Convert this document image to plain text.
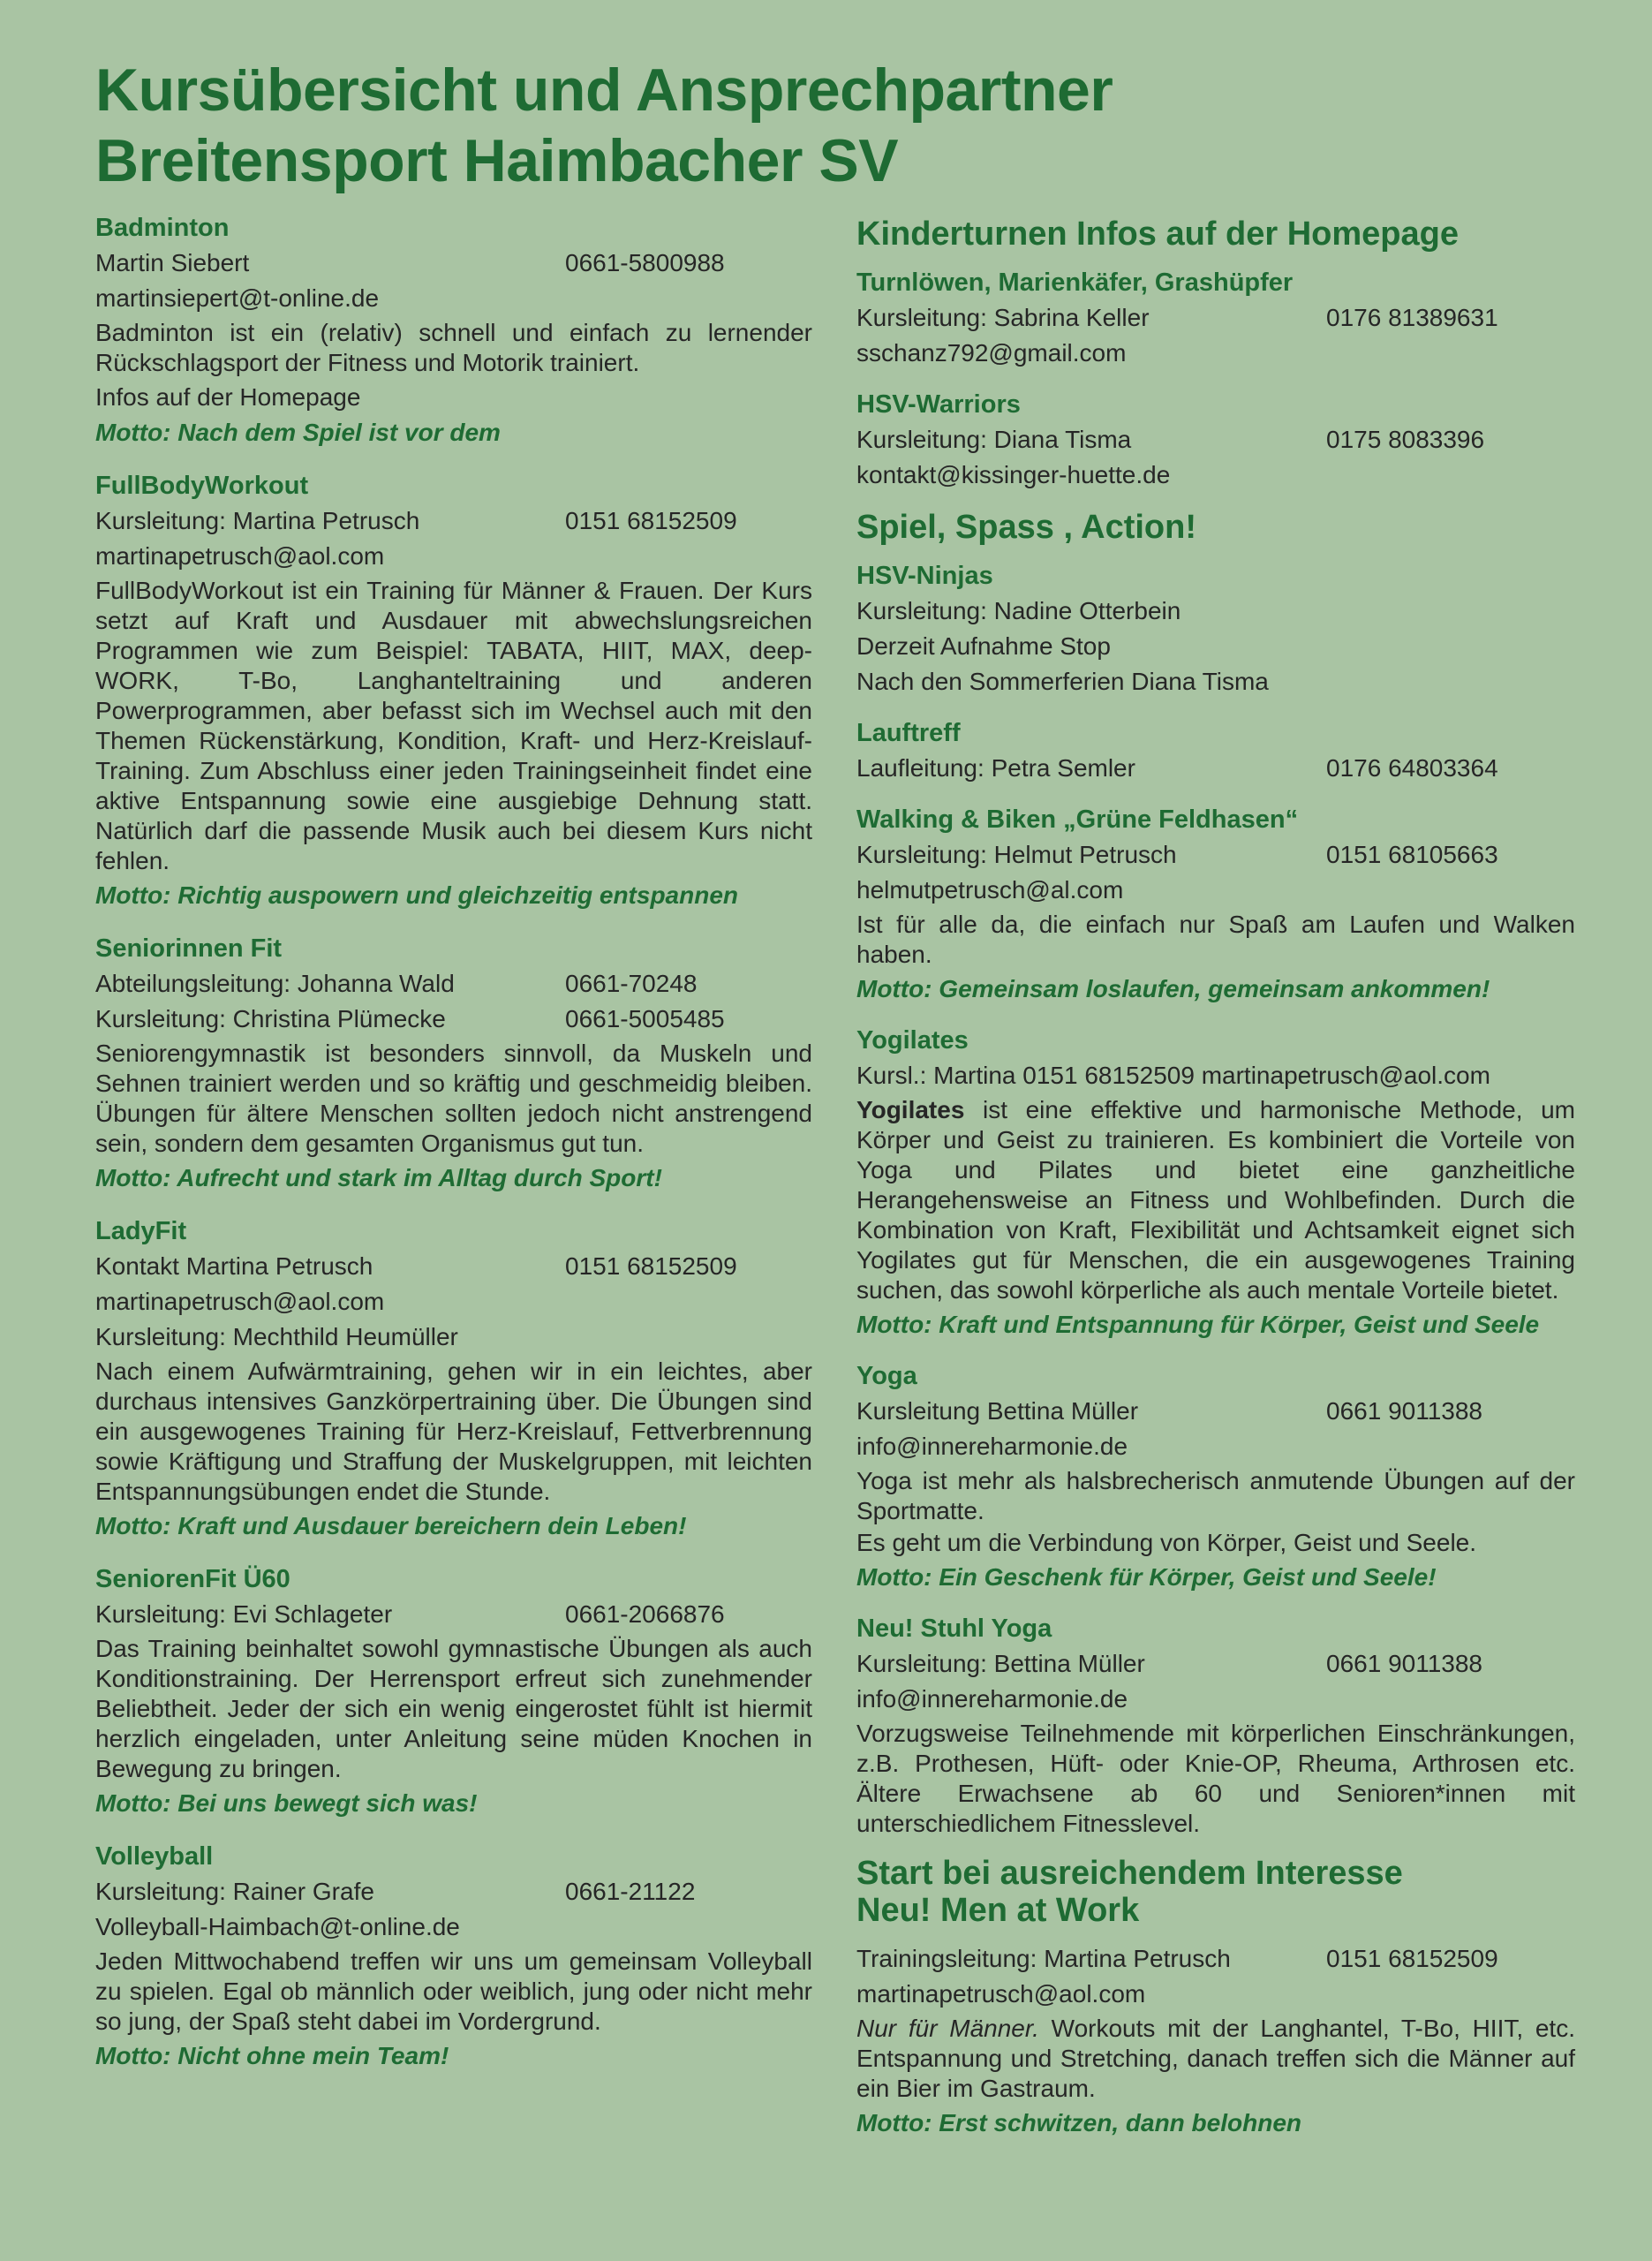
Kursübersicht und Ansprechpartner
Breitensport Haimbacher SV
Badminton
Martin Siebert	0661-5800988
martinsiepert@t-online.de
Badminton ist ein (relativ) schnell und einfach zu lernender Rückschlagsport der Fitness und Motorik trainiert.
Infos auf der Homepage
Motto: Nach dem Spiel ist vor dem
FullBodyWorkout
Kursleitung: Martina Petrusch	0151 68152509
martinapetrusch@aol.com
FullBodyWorkout ist ein Training für Männer & Frauen. Der Kurs setzt auf Kraft und Ausdauer mit abwechslungsreichen Programmen wie zum Beispiel: TABATA, HIIT, MAX, deep-WORK, T-Bo, Langhanteltraining und anderen Powerprogrammen, aber befasst sich im Wechsel auch mit den Themen Rückenstärkung, Kondition, Kraft- und Herz-Kreislauf-Training. Zum Abschluss einer jeden Trainingseinheit findet eine aktive Entspannung sowie eine ausgiebige Dehnung statt. Natürlich darf die passende Musik auch bei diesem Kurs nicht fehlen.
Motto: Richtig auspowern und gleichzeitig entspannen
Seniorinnen Fit
Abteilungsleitung: Johanna Wald	0661-70248
Kursleitung: Christina Plümecke	0661-5005485
Seniorengymnastik ist besonders sinnvoll, da Muskeln und Sehnen trainiert werden und so kräftig und geschmeidig bleiben. Übungen für ältere Menschen sollten jedoch nicht anstrengend sein, sondern dem gesamten Organismus gut tun.
Motto: Aufrecht und stark im Alltag durch Sport!
LadyFit
Kontakt Martina Petrusch	0151 68152509
martinapetrusch@aol.com
Kursleitung: Mechthild Heumüller
Nach einem Aufwärmtraining, gehen wir in ein leichtes, aber durchaus intensives Ganzkörpertraining über. Die Übungen sind ein ausgewogenes Training für Herz-Kreislauf, Fettverbrennung sowie Kräftigung und Straffung der Muskelgruppen, mit leichten Entspannungsübungen endet die Stunde.
Motto: Kraft und Ausdauer bereichern dein Leben!
SeniorenFit Ü60
Kursleitung: Evi Schlageter	0661-2066876
Das Training beinhaltet sowohl gymnastische Übungen als auch Konditionstraining. Der Herrensport erfreut sich zunehmender Beliebtheit. Jeder der sich ein wenig eingerostet fühlt ist hiermit herzlich eingeladen, unter Anleitung seine müden Knochen in Bewegung zu bringen.
Motto: Bei uns bewegt sich was!
Volleyball
Kursleitung: Rainer Grafe	0661-21122
Volleyball-Haimbach@t-online.de
Jeden Mittwochabend treffen wir uns um gemeinsam Volleyball zu spielen. Egal ob männlich oder weiblich, jung oder nicht mehr so jung, der Spaß steht dabei im Vordergrund.
Motto: Nicht ohne mein Team!
Kinderturnen Infos auf der Homepage
Turnlöwen, Marienkäfer, Grashüpfer
Kursleitung: Sabrina Keller	0176 81389631
sschanz792@gmail.com
HSV-Warriors
Kursleitung: Diana Tisma	0175 8083396
kontakt@kissinger-huette.de
Spiel, Spass , Action!
HSV-Ninjas
Kursleitung: Nadine Otterbein
Derzeit Aufnahme Stop
Nach den Sommerferien Diana Tisma
Lauftreff
Laufleitung: Petra Semler	0176 64803364
Walking & Biken „Grüne Feldhasen“
Kursleitung: Helmut Petrusch	0151 68105663
helmutpetrusch@al.com
Ist für alle da, die einfach nur Spaß am Laufen und Walken haben.
Motto: Gemeinsam loslaufen, gemeinsam ankommen!
Yogilates
Kursl.: Martina 0151 68152509 martinapetrusch@aol.com
Yogilates ist eine effektive und harmonische Methode, um Körper und Geist zu trainieren. Es kombiniert die Vorteile von Yoga und Pilates und bietet eine ganzheitliche Herangehensweise an Fitness und Wohlbefinden. Durch die Kombination von Kraft, Flexibilität und Achtsamkeit eignet sich Yogilates gut für Menschen, die ein ausgewogenes Training suchen, das sowohl körperliche als auch mentale Vorteile bietet.
Motto: Kraft und Entspannung für Körper, Geist und Seele
Yoga
Kursleitung Bettina Müller	0661 9011388
info@innereharmonie.de
Yoga ist mehr als halsbrecherisch anmutende Übungen auf der Sportmatte.
Es geht um die Verbindung von Körper, Geist und Seele.
Motto: Ein Geschenk für Körper, Geist und Seele!
Neu! Stuhl Yoga
Kursleitung: Bettina Müller	0661 9011388
info@innereharmonie.de
Vorzugsweise Teilnehmende mit körperlichen Einschränkungen, z.B. Prothesen, Hüft- oder Knie-OP, Rheuma, Arthrosen etc. Ältere Erwachsene ab 60 und Senioren*innen mit unterschiedlichem Fitnesslevel.
Start bei ausreichendem Interesse
Neu! Men at Work
Trainingsleitung: Martina Petrusch	0151 68152509
martinapetrusch@aol.com
Nur für Männer. Workouts mit der Langhantel, T-Bo, HIIT, etc. Entspannung und Stretching, danach treffen sich die Männer auf ein Bier im Gastraum.
Motto: Erst schwitzen, dann belohnen
